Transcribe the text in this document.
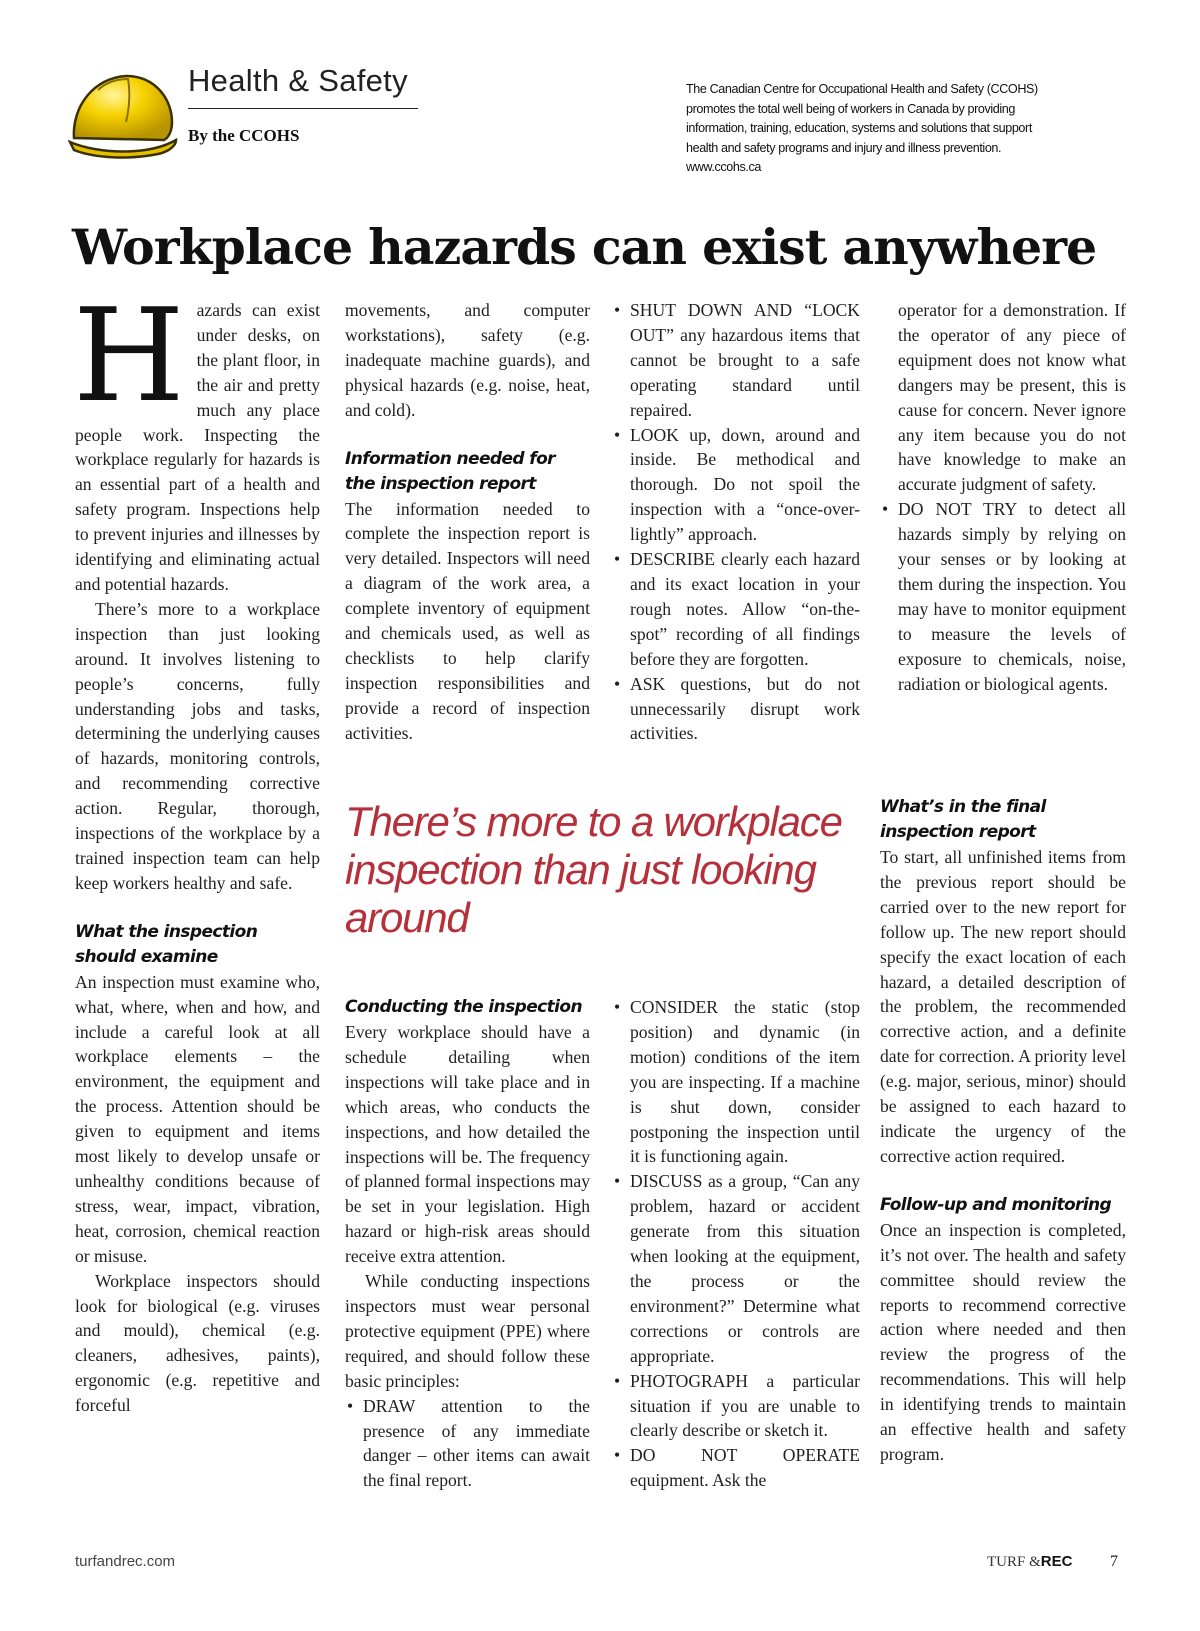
Health & Safety
By the CCOHS

The Canadian Centre for Occupational Health and Safety (CCOHS)

promotes the total well being of workers in Canada by providing

information, training, education, systems and solutions that support

health and safety programs and injury and illness prevention.

www.ccohs.ca

Workplace hazards can exist anywhere

Hazards can exist under desks, on the plant floor, in the air and pretty much any place people work. Inspecting the workplace regularly for hazards is an essential part of a health and safety program. Inspections help to prevent injuries and illnesses by identifying and eliminating actual and potential hazards.

There’s more to a workplace inspection than just looking around. It involves listening to people’s concerns, fully understanding jobs and tasks, determining the underlying causes of hazards, monitoring controls, and recommending corrective action. Regular, thorough, inspections of the workplace by a trained inspection team can help keep workers healthy and safe.

What the inspection should examine

An inspection must examine who, what, where, when and how, and include a careful look at all workplace elements – the environment, the equipment and the process. Attention should be given to equipment and items most likely to develop unsafe or unhealthy conditions because of stress, wear, impact, vibration, heat, corrosion, chemical reaction or misuse.

Workplace inspectors should look for biological (e.g. viruses and mould), chemical (e.g. cleaners, adhesives, paints), ergonomic (e.g. repetitive and forceful

movements, and computer workstations), safety (e.g. inadequate machine guards), and physical hazards (e.g. noise, heat, and cold).

Information needed for the inspection report

The information needed to complete the inspection report is very detailed. Inspectors will need a diagram of the work area, a complete inventory of equipment and chemicals used, as well as checklists to help clarify inspection responsibilities and provide a record of inspection activities.

• SHUT DOWN AND “LOCK OUT” any hazardous items that cannot be brought to a safe operating standard until repaired.
• LOOK up, down, around and inside. Be methodical and thorough. Do not spoil the inspection with a “once-over-lightly” approach.
• DESCRIBE clearly each hazard and its exact location in your rough notes. Allow “on-the-spot” recording of all findings before they are forgotten.
• ASK questions, but do not unnecessarily disrupt work activities.

operator for a demonstration. If the operator of any piece of equipment does not know what dangers may be present, this is cause for concern. Never ignore any item because you do not have knowledge to make an accurate judgment of safety.

• DO NOT TRY to detect all hazards simply by relying on your senses or by looking at them during the inspection. You may have to monitor equipment to measure the levels of exposure to chemicals, noise, radiation or biological agents.

There’s more to a workplace inspection than just looking around

What’s in the final inspection report

To start, all unfinished items from the previous report should be carried over to the new report for follow up. The new report should specify the exact location of each hazard, a detailed description of the problem, the recommended corrective action, and a definite date for correction. A priority level (e.g. major, serious, minor) should be assigned to each hazard to indicate the urgency of the corrective action required.

Follow-up and monitoring

Once an inspection is completed, it’s not over. The health and safety committee should review the reports to recommend corrective action where needed and then review the progress of the recommendations. This will help in identifying trends to maintain an effective health and safety program.

Conducting the inspection

Every workplace should have a schedule detailing when inspections will take place and in which areas, who conducts the inspections, and how detailed the inspections will be. The frequency of planned formal inspections may be set in your legislation. High hazard or high-risk areas should receive extra attention.

While conducting inspections inspectors must wear personal protective equipment (PPE) where required, and should follow these basic principles:

• DRAW attention to the presence of any immediate danger – other items can await the final report.
• CONSIDER the static (stop position) and dynamic (in motion) conditions of the item you are inspecting. If a machine is shut down, consider postponing the inspection until it is functioning again.
• DISCUSS as a group, “Can any problem, hazard or accident generate from this situation when looking at the equipment, the process or the environment?” Determine what corrections or controls are appropriate.
• PHOTOGRAPH a particular situation if you are unable to clearly describe or sketch it.
• DO NOT OPERATE equipment. Ask the
turfandrec.com	TURF &REC 7
